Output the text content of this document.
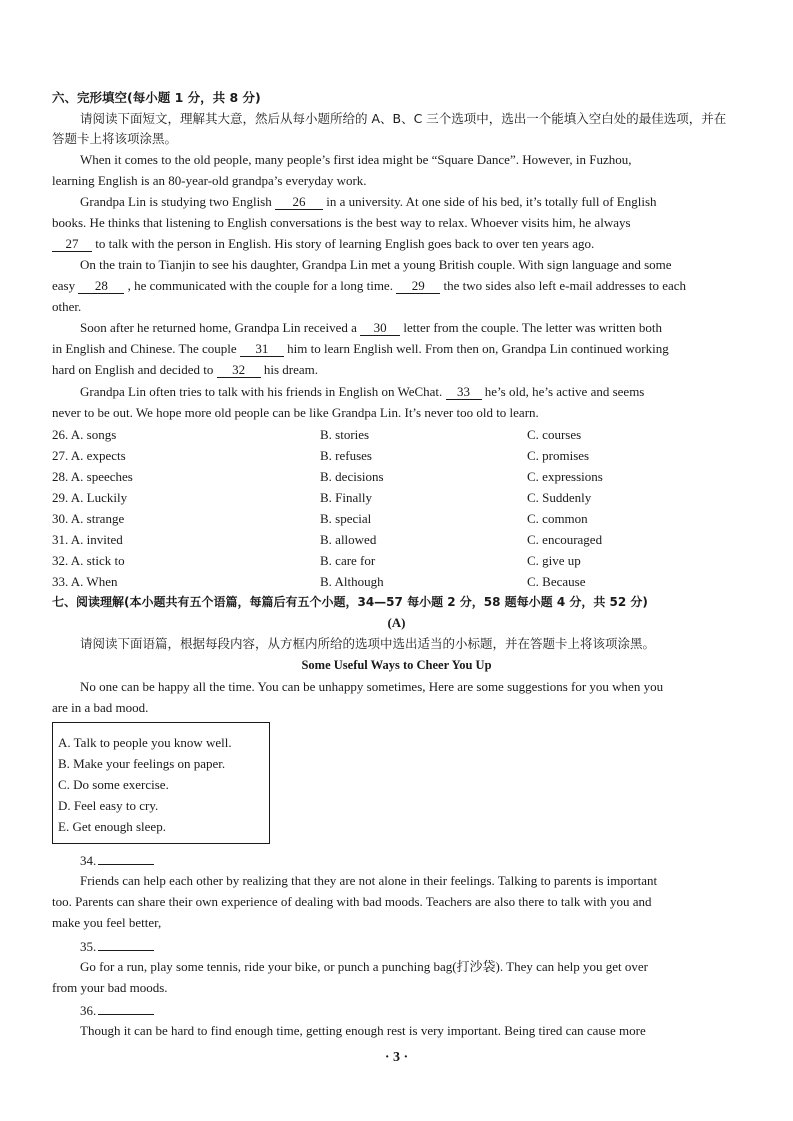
六、完形填空(每小题 1 分，共 8 分)
请阅读下面短文，理解其大意，然后从每小题所给的 A、B、C 三个选项中，选出一个能填入空白处的最佳选项，并在
答题卡上将该项涂黑。
When it comes to the old people, many people’s first idea might be “Square Dance”. However, in Fuzhou,
learning English is an 80-year-old grandpa’s everyday work.
Grandpa Lin is studying two English 26 in a university. At one side of his bed, it’s totally full of English
books. He thinks that listening to English conversations is the best way to relax. Whoever visits him, he always
27 to talk with the person in English. His story of learning English goes back to over ten years ago.
On the train to Tianjin to see his daughter, Grandpa Lin met a young British couple. With sign language and some
easy 28 , he communicated with the couple for a long time. 29 the two sides also left e-mail addresses to each
other.
Soon after he returned home, Grandpa Lin received a 30 letter from the couple. The letter was written both
in English and Chinese. The couple 31 him to learn English well. From then on, Grandpa Lin continued working
hard on English and decided to 32 his dream.
Grandpa Lin often tries to talk with his friends in English on WeChat. 33 he’s old, he’s active and seems
never to be out. We hope more old people can be like Grandpa Lin. It’s never too old to learn.
26. A. songs	B. stories	C. courses
27. A. expects	B. refuses	C. promises
28. A. speeches	B. decisions	C. expressions
29. A. Luckily	B. Finally	C. Suddenly
30. A. strange	B. special	C. common
31. A. invited	B. allowed	C. encouraged
32. A. stick to	B. care for	C. give up
33. A. When	B. Although	C. Because
七、阅读理解(本小题共有五个语篇，每篇后有五个小题，34—57 每小题 2 分，58 题每小题 4 分，共 52 分)
(A)
请阅读下面语篇，根据每段内容，从方框内所给的选项中选出适当的小标题，并在答题卡上将该项涂黑。
Some Useful Ways to Cheer You Up
No one can be happy all the time. You can be unhappy sometimes, Here are some suggestions for you when you
are in a bad mood.
A. Talk to people you know well.
B. Make your feelings on paper.
C. Do some exercise.
D. Feel easy to cry.
E. Get enough sleep.
34.
Friends can help each other by realizing that they are not alone in their feelings. Talking to parents is important
too. Parents can share their own experience of dealing with bad moods. Teachers are also there to talk with you and
make you feel better,
35.
Go for a run, play some tennis, ride your bike, or punch a punching bag(打沙袋). They can help you get over
from your bad moods.
36.
Though it can be hard to find enough time, getting enough rest is very important. Being tired can cause more
· 3 ·
